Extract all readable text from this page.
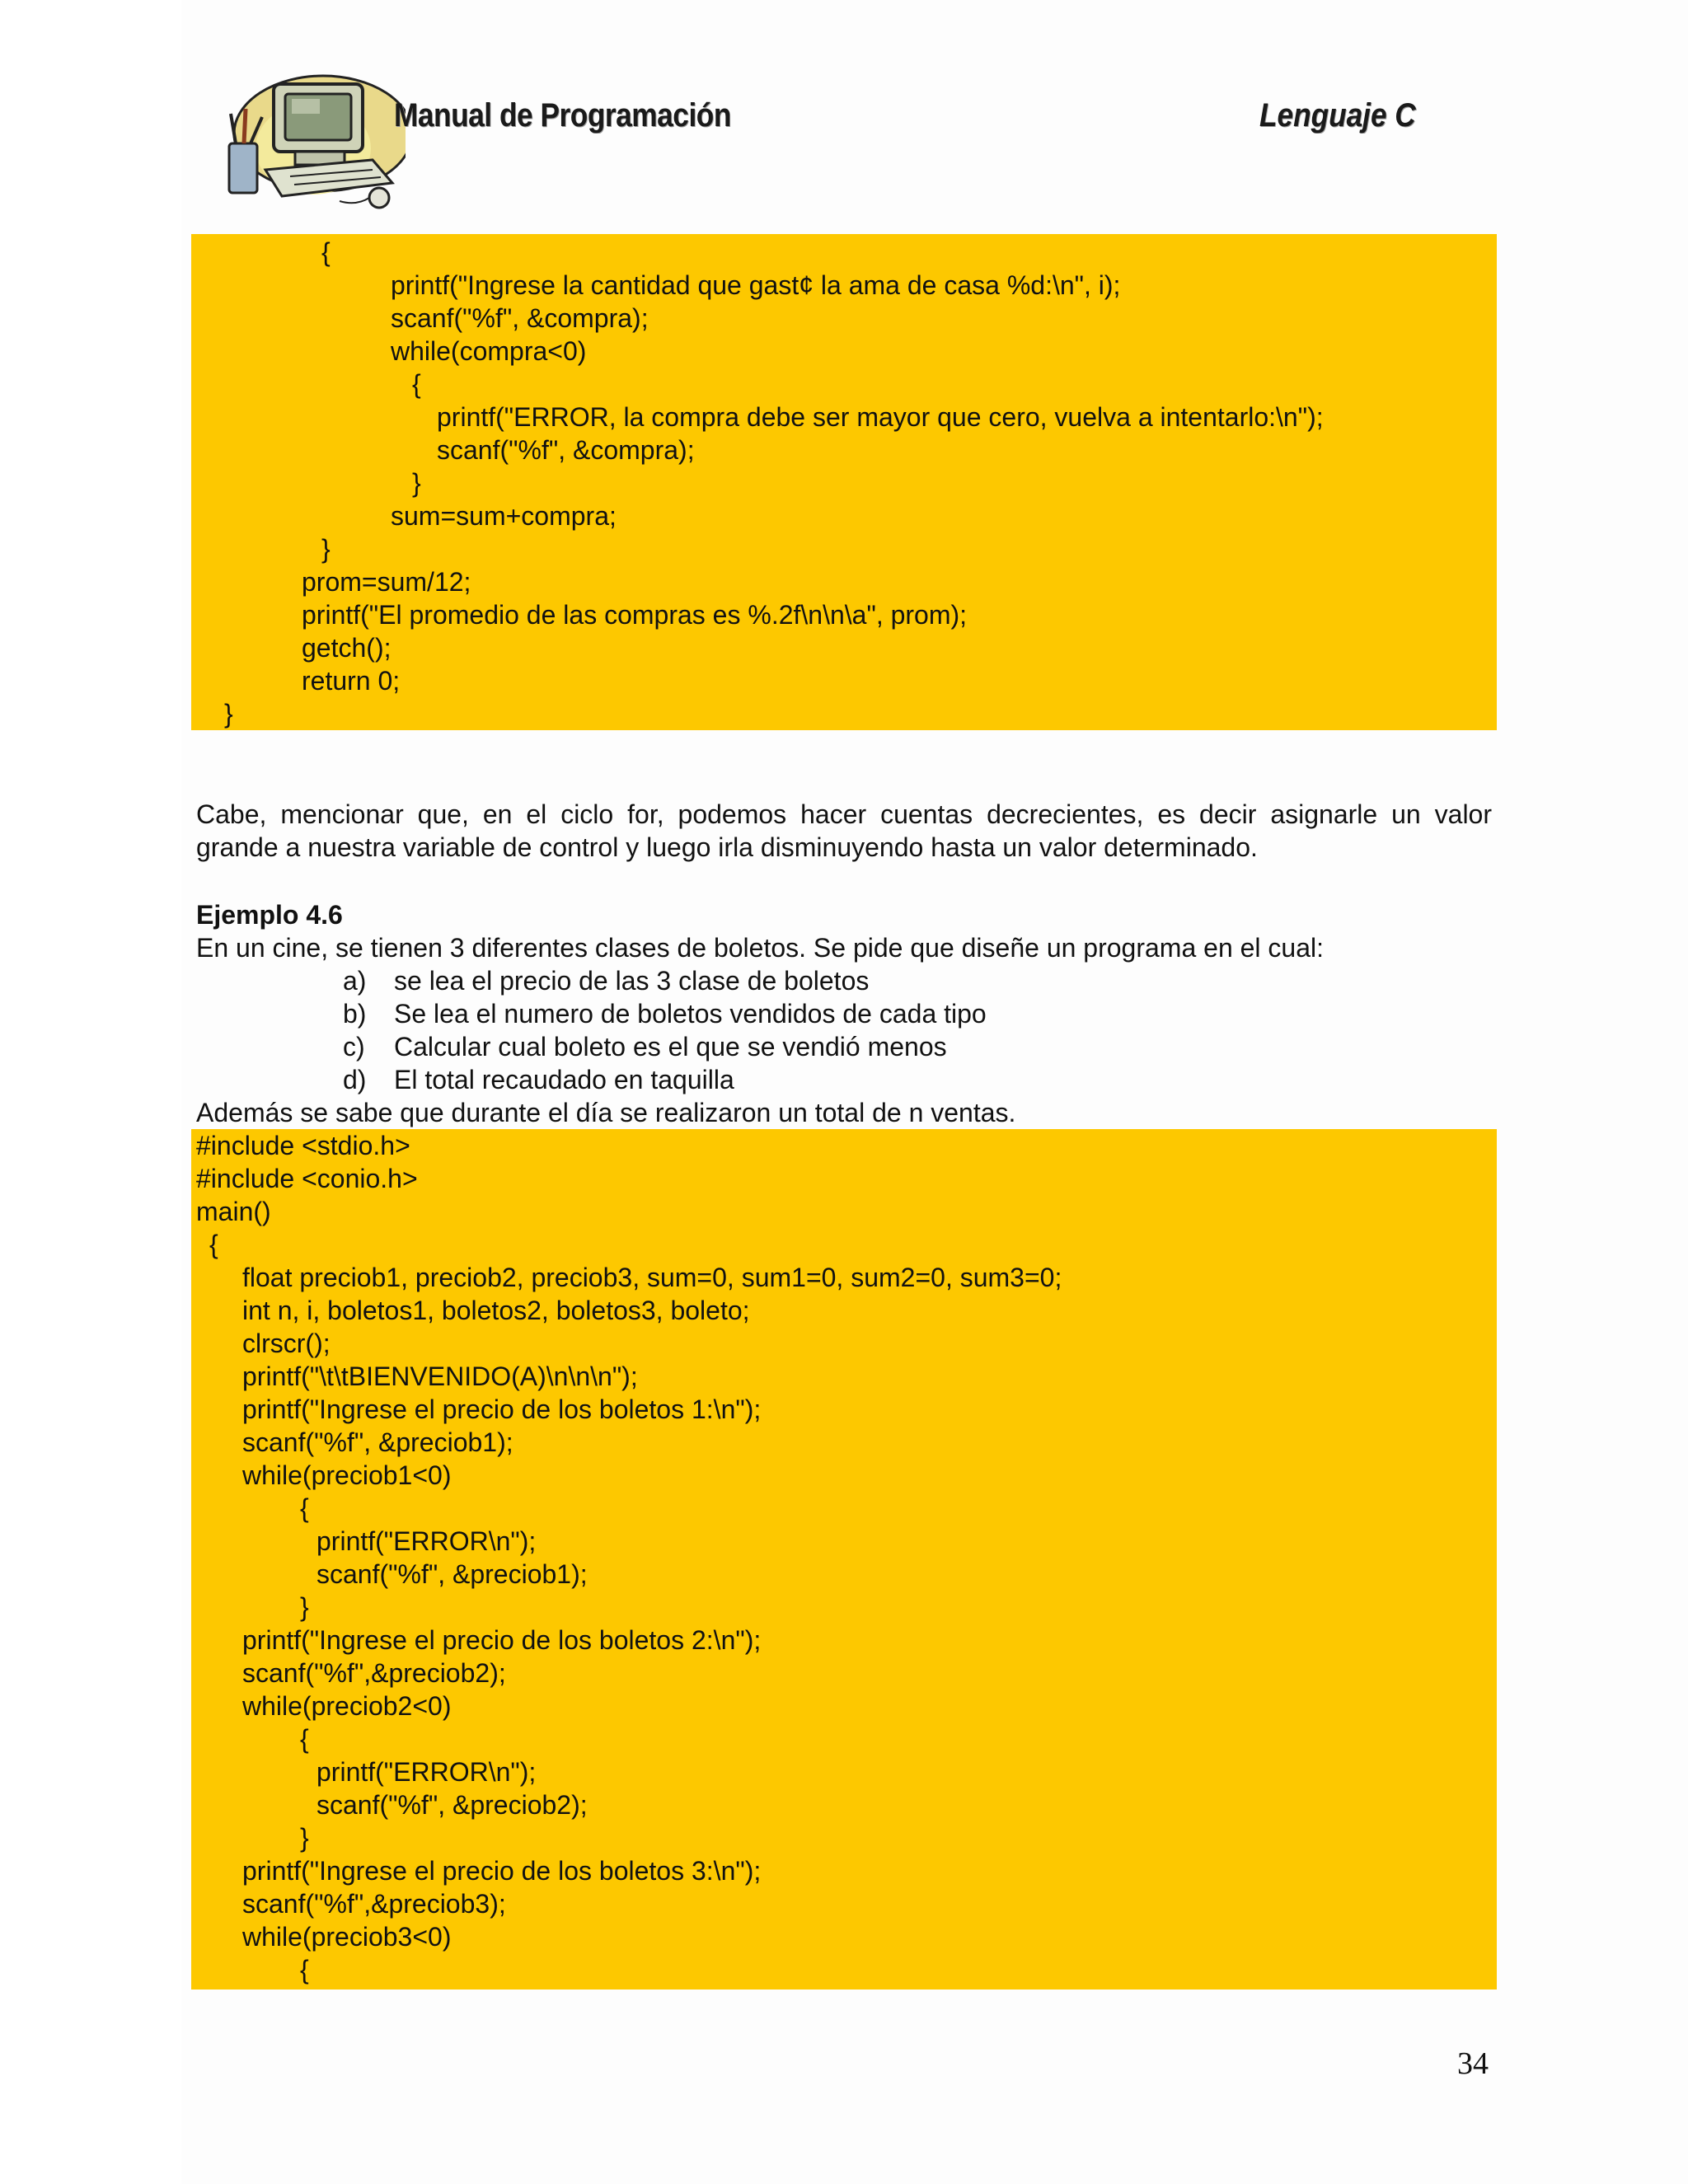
Manual de Programación	Lenguaje C
{
printf("Ingrese la cantidad que gast¢ la ama de casa %d:\n", i);
scanf("%f", &compra);
while(compra<0)
{
printf("ERROR, la compra debe ser mayor que cero, vuelva a intentarlo:\n");
scanf("%f", &compra);
}
sum=sum+compra;
}
prom=sum/12;
printf("El promedio de las compras es %.2f\n\n\a", prom);
getch();
return 0;
}
Cabe, mencionar que, en el ciclo for, podemos hacer cuentas decrecientes, es decir asignarle un valor
grande a nuestra variable de control y luego irla disminuyendo hasta un valor determinado.
Ejemplo 4.6
En un cine, se tienen 3 diferentes clases de boletos. Se pide que diseñe un programa en el cual:
a) se lea el precio de las 3 clase de boletos
b) Se lea el numero de boletos vendidos de cada tipo
c) Calcular cual boleto es el que se vendió menos
d) El total recaudado en taquilla
Además se sabe que durante el día se realizaron un total de n ventas.
#include <stdio.h>
#include <conio.h>
main()
{
float preciob1, preciob2, preciob3, sum=0, sum1=0, sum2=0, sum3=0;
int n, i, boletos1, boletos2, boletos3, boleto;
clrscr();
printf("\t\tBIENVENIDO(A)\n\n\n");
printf("Ingrese el precio de los boletos 1:\n");
scanf("%f", &preciob1);
while(preciob1<0)
{
printf("ERROR\n");
scanf("%f", &preciob1);
}
printf("Ingrese el precio de los boletos 2:\n");
scanf("%f",&preciob2);
while(preciob2<0)
{
printf("ERROR\n");
scanf("%f", &preciob2);
}
printf("Ingrese el precio de los boletos 3:\n");
scanf("%f",&preciob3);
while(preciob3<0)
{
34
